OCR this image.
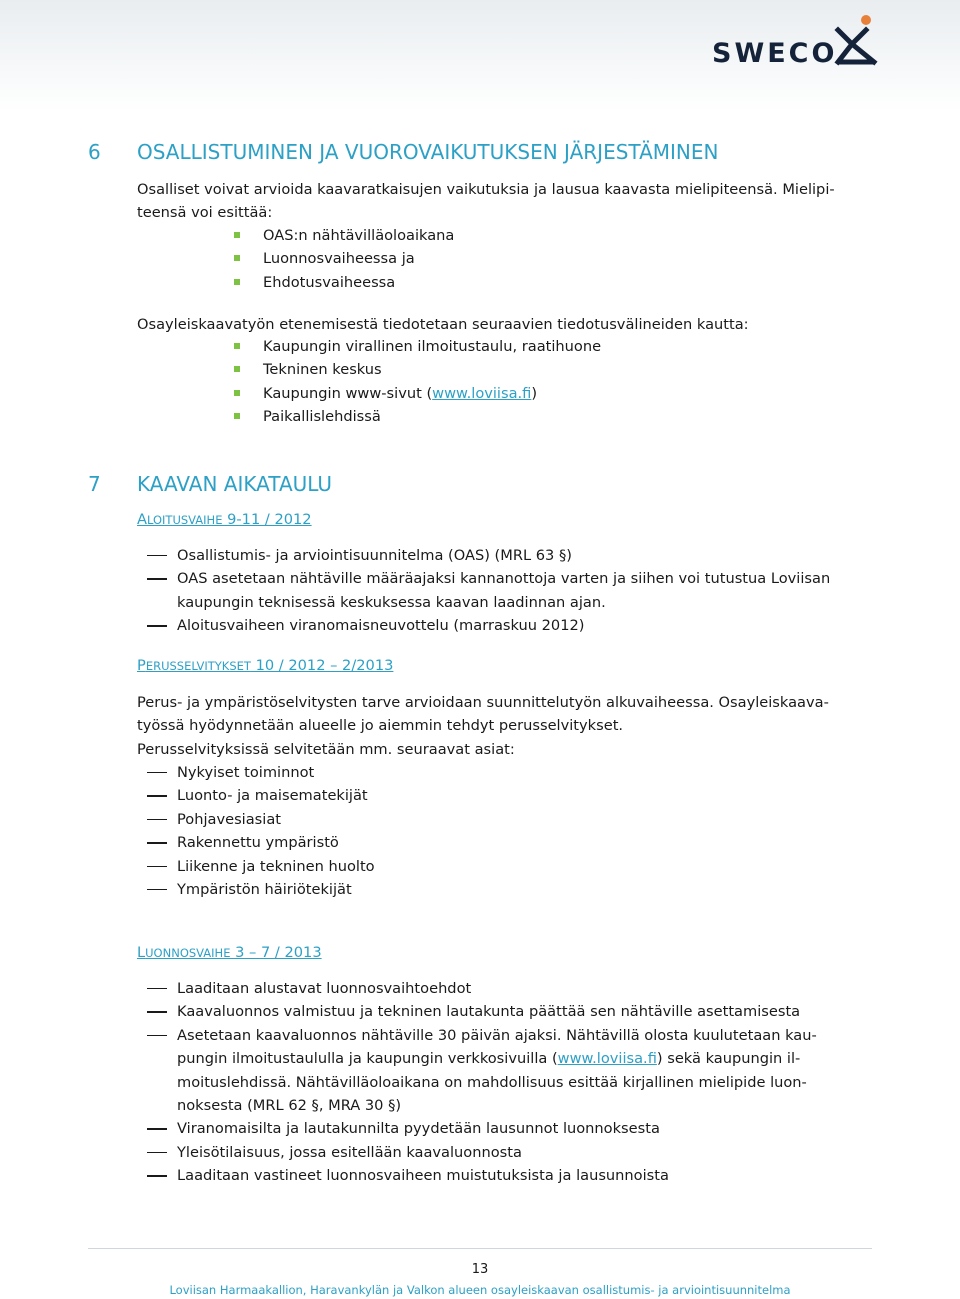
SWECO
6 OSALLISTUMINEN JA VUOROVAIKUTUKSEN JÄRJESTÄMINEN
Osalliset voivat arvioida kaavaratkaisujen vaikutuksia ja lausua kaavasta mielipiteensä. Mielipi-
teensä voi esittää:
OAS:n nähtävilläoloaikana
Luonnosvaiheessa ja
Ehdotusvaiheessa
Osayleiskaavatyön etenemisestä tiedotetaan seuraavien tiedotusvälineiden kautta:
Kaupungin virallinen ilmoitustaulu, raatihuone
Tekninen keskus
Kaupungin www-sivut (www.loviisa.fi)
Paikallislehdissä
7 KAAVAN AIKATAULU
ALOITUSVAIHE 9-11 / 2012
Osallistumis- ja arviointisuunnitelma (OAS) (MRL 63 §)
OAS asetetaan nähtäville määräajaksi kannanottoja varten ja siihen voi tutustua Loviisan
kaupungin teknisessä keskuksessa kaavan laadinnan ajan.
Aloitusvaiheen viranomaisneuvottelu (marraskuu 2012)
PERUSSELVITYKSET 10 / 2012 – 2/2013
Perus- ja ympäristöselvitysten tarve arvioidaan suunnittelutyön alkuvaiheessa. Osayleiskaava-
työssä hyödynnetään alueelle jo aiemmin tehdyt perusselvitykset.
Perusselvityksissä selvitetään mm. seuraavat asiat:
Nykyiset toiminnot
Luonto- ja maisematekijät
Pohjavesiasiat
Rakennettu ympäristö
Liikenne ja tekninen huolto
Ympäristön häiriötekijät
LUONNOSVAIHE 3 – 7 / 2013
Laaditaan alustavat luonnosvaihtoehdot
Kaavaluonnos valmistuu ja tekninen lautakunta päättää sen nähtäville asettamisesta
Asetetaan kaavaluonnos nähtäville 30 päivän ajaksi. Nähtävillä olosta kuulutetaan kau-
pungin ilmoitustaululla ja kaupungin verkkosivuilla (www.loviisa.fi) sekä kaupungin il-
moituslehdissä. Nähtävilläoloaikana on mahdollisuus esittää kirjallinen mielipide luon-
noksesta (MRL 62 §, MRA 30 §)
Viranomaisilta ja lautakunnilta pyydetään lausunnot luonnoksesta
Yleisötilaisuus, jossa esitellään kaavaluonnosta
Laaditaan vastineet luonnosvaiheen muistutuksista ja lausunnoista
13
Loviisan Harmaakallion, Haravankylän ja Valkon alueen osayleiskaavan osallistumis- ja arviointisuunnitelma
